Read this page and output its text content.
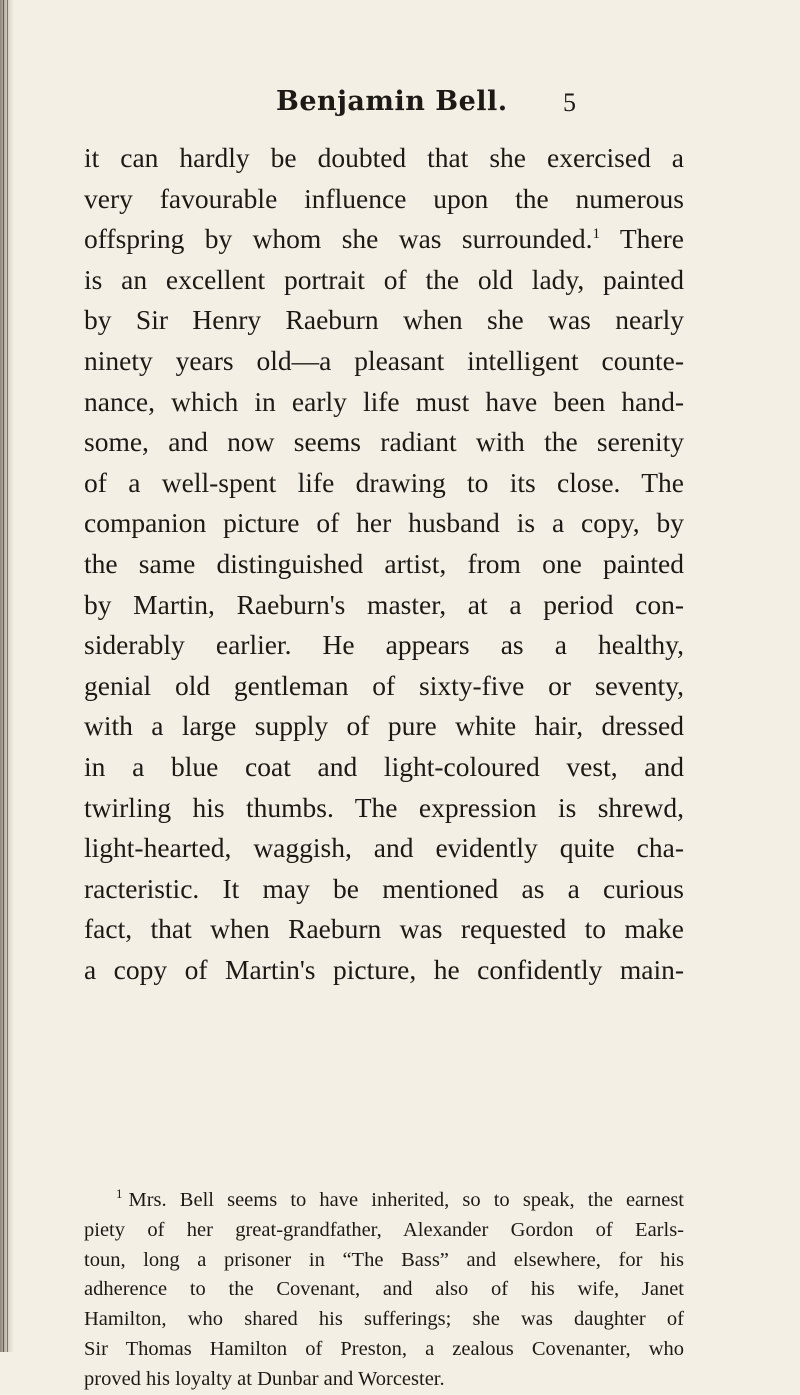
Benjamin Bell. 5
it can hardly be doubted that she exercised a
very favourable influence upon the numerous
offspring by whom she was surrounded.$^1$ There
is an excellent portrait of the old lady, painted
by Sir Henry Raeburn when she was nearly
ninety years old—a pleasant intelligent counte-
nance, which in early life must have been hand-
some, and now seems radiant with the serenity
of a well-spent life drawing to its close. The
companion picture of her husband is a copy, by
the same distinguished artist, from one painted
by Martin, Raeburn's master, at a period con-
siderably earlier. He appears as a healthy,
genial old gentleman of sixty-five or seventy,
with a large supply of pure white hair, dressed
in a blue coat and light-coloured vest, and
twirling his thumbs. The expression is shrewd,
light-hearted, waggish, and evidently quite cha-
racteristic. It may be mentioned as a curious
fact, that when Raeburn was requested to make
a copy of Martin's picture, he confidently main-
$^1$ Mrs. Bell seems to have inherited, so to speak, the earnest
piety of her great-grandfather, Alexander Gordon of Earls-
toun, long a prisoner in “The Bass” and elsewhere, for his
adherence to the Covenant, and also of his wife, Janet
Hamilton, who shared his sufferings; she was daughter of
Sir Thomas Hamilton of Preston, a zealous Covenanter, who
proved his loyalty at Dunbar and Worcester.
